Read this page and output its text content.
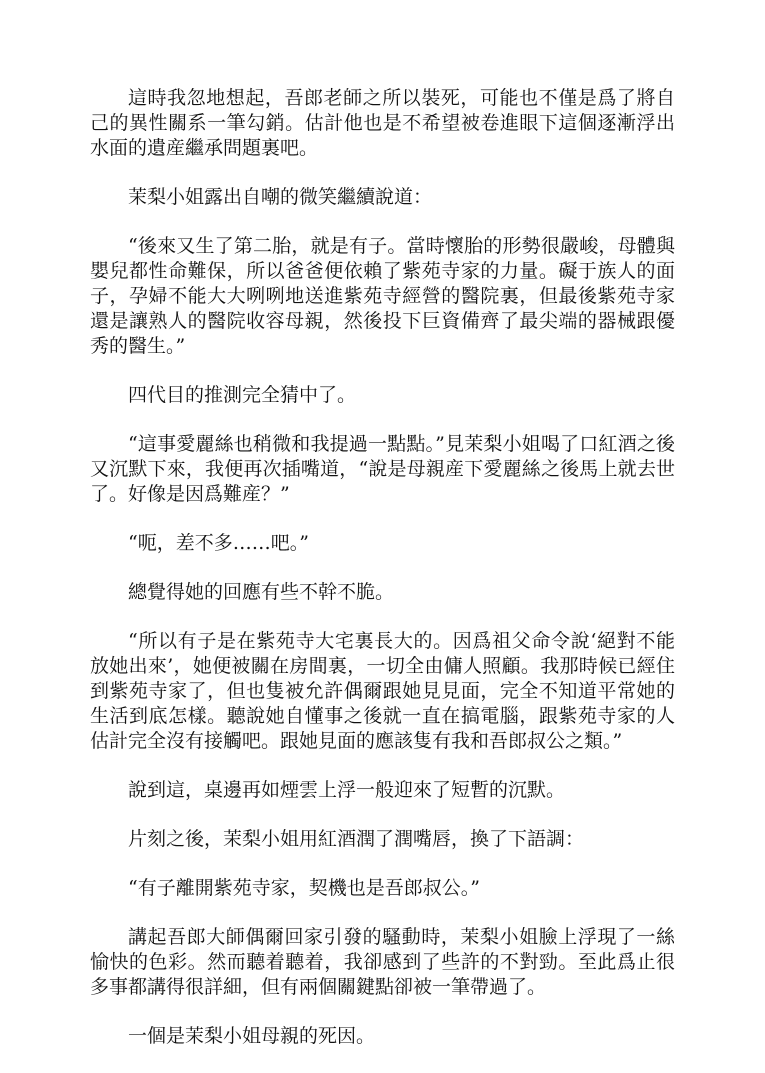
這時我忽地想起，吾郎老師之所以裝死，可能也不僅是爲了將自己的異性關系一筆勾銷。估計他也是不希望被卷進眼下這個逐漸浮出水面的遺産繼承問題裏吧。

茉梨小姐露出自嘲的微笑繼續說道：

“後來又生了第二胎，就是有子。當時懷胎的形勢很嚴峻，母體與嬰兒都性命難保，所以爸爸便依賴了紫苑寺家的力量。礙于族人的面子，孕婦不能大大咧咧地送進紫苑寺經營的醫院裏，但最後紫苑寺家還是讓熟人的醫院收容母親，然後投下巨資備齊了最尖端的器械跟優秀的醫生。”

四代目的推測完全猜中了。

“這事愛麗絲也稍微和我提過一點點。”見茉梨小姐喝了口紅酒之後又沉默下來，我便再次插嘴道，“說是母親産下愛麗絲之後馬上就去世了。好像是因爲難産？”

“呃，差不多……吧。”

總覺得她的回應有些不幹不脆。

“所以有子是在紫苑寺大宅裏長大的。因爲祖父命令說‘絕對不能放她出來’，她便被關在房間裏，一切全由傭人照顧。我那時候已經住到紫苑寺家了，但也隻被允許偶爾跟她見見面，完全不知道平常她的生活到底怎樣。聽說她自懂事之後就一直在搞電腦，跟紫苑寺家的人估計完全沒有接觸吧。跟她見面的應該隻有我和吾郎叔公之類。”

說到這，桌邊再如煙雲上浮一般迎來了短暫的沉默。

片刻之後，茉梨小姐用紅酒潤了潤嘴唇，換了下語調：

“有子離開紫苑寺家，契機也是吾郎叔公。”

講起吾郎大師偶爾回家引發的騷動時，茉梨小姐臉上浮現了一絲愉快的色彩。然而聽着聽着，我卻感到了些許的不對勁。至此爲止很多事都講得很詳細，但有兩個關鍵點卻被一筆帶過了。

一個是茉梨小姐母親的死因。
